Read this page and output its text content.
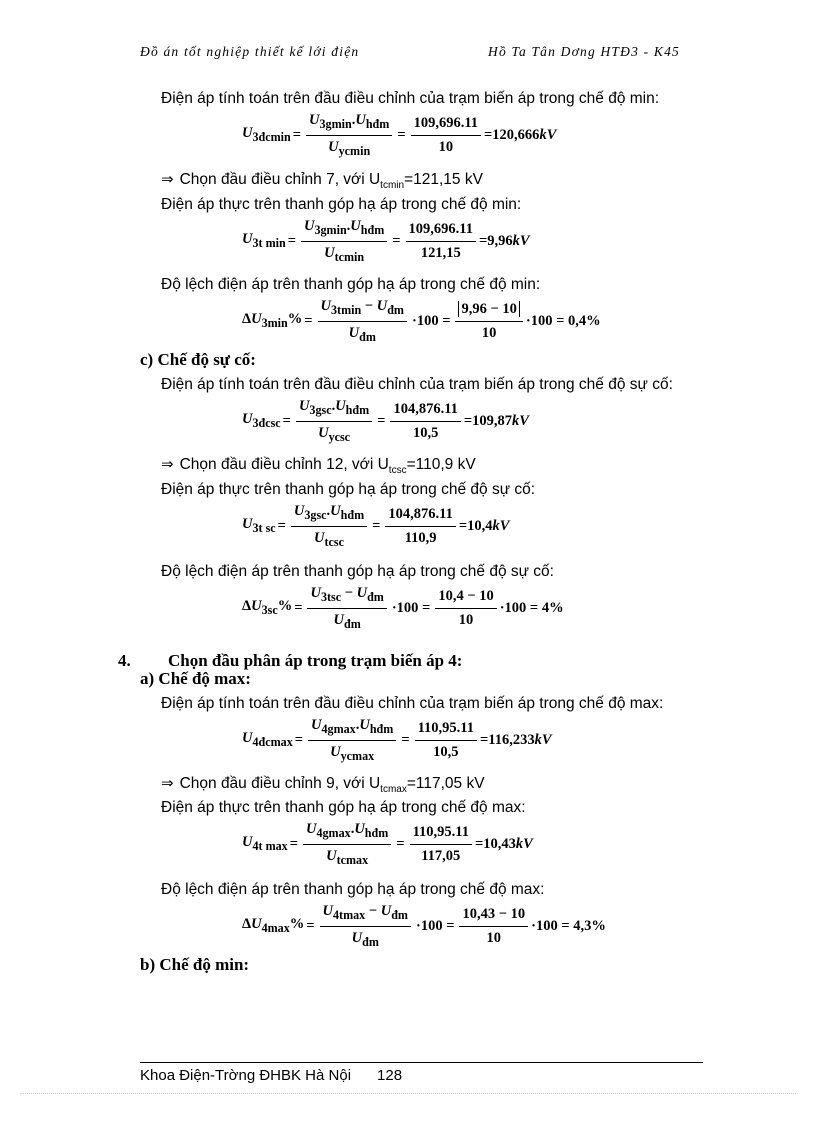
Đồ án tốt nghiệp thiết kế lới điện	Hồ Ta Tân Dơng HTĐ3 - K45
Điện áp tính toán trên đầu điều chỉnh của trạm biến áp trong chế độ min:
$U_{3đcmin} = \frac{U_{3gmin}.U_{hđm}}{U_{ycmin}} = \frac{109,696.11}{10} =120,666$ kV
⇒ Chọn đầu điều chỉnh 7, với $U_{tcmin}=121,15$ kV
Điện áp thực trên thanh góp hạ áp trong chế độ min:
$U_{3t min} = \frac{U_{3gmin}.U_{hđm}}{U_{tcmin}} = \frac{109,696.11}{121,15} =9,96$ kV
Độ lệch điện áp trên thanh góp hạ áp trong chế độ min:
$\Delta U_{3min}\% = \frac{U_{3tmin} - U_{đm}}{U_{đm}} \cdot 100 = \frac{9,96 - 10}{10} \cdot 100 = 0,4\%$
c) Chế độ sự cố:
Điện áp tính toán trên đầu điều chỉnh của trạm biến áp trong chế độ sự cố:
$U_{3đcsc} = \frac{U_{3gsc}.U_{hđm}}{U_{ycsc}} = \frac{104,876.11}{10,5} =109,87$ kV
⇒ Chọn đầu điều chỉnh 12, với $U_{tcsc}=110,9$ kV
Điện áp thực trên thanh góp hạ áp trong chế độ sự cố:
$U_{3t sc} = \frac{U_{3gsc}.U_{hđm}}{U_{tcsc}} = \frac{104,876.11}{110,9} =10,4$ kV
Độ lệch điện áp trên thanh góp hạ áp trong chế độ sự cố:
$\Delta U_{3sc}\% = \frac{U_{3tsc} - U_{đm}}{U_{đm}} \cdot 100 = \frac{10,4 - 10}{10} \cdot 100 = 4\%$
4. Chọn đầu phân áp trong trạm biến áp 4:
a) Chế độ max:
Điện áp tính toán trên đầu điều chỉnh của trạm biến áp trong chế độ max:
$U_{4đcmax} = \frac{U_{4gmax}.U_{hđm}}{U_{ycmax}} = \frac{110,95.11}{10,5} =116,233$ kV
⇒ Chọn đầu điều chỉnh 9, với $U_{tcmax}=117,05$ kV
Điện áp thực trên thanh góp hạ áp trong chế độ max:
$U_{4t max} = \frac{U_{4gmax}.U_{hđm}}{U_{tcmax}} = \frac{110,95.11}{117,05} =10,43$ kV
Độ lệch điện áp trên thanh góp hạ áp trong chế độ max:
$\Delta U_{4max}\% = \frac{U_{4tmax} - U_{đm}}{U_{đm}} \cdot 100 = \frac{10,43 - 10}{10} \cdot 100 = 4,3\%$
b) Chế độ min:
Khoa Điện-Trờng ĐHBK Hà Nội 128
